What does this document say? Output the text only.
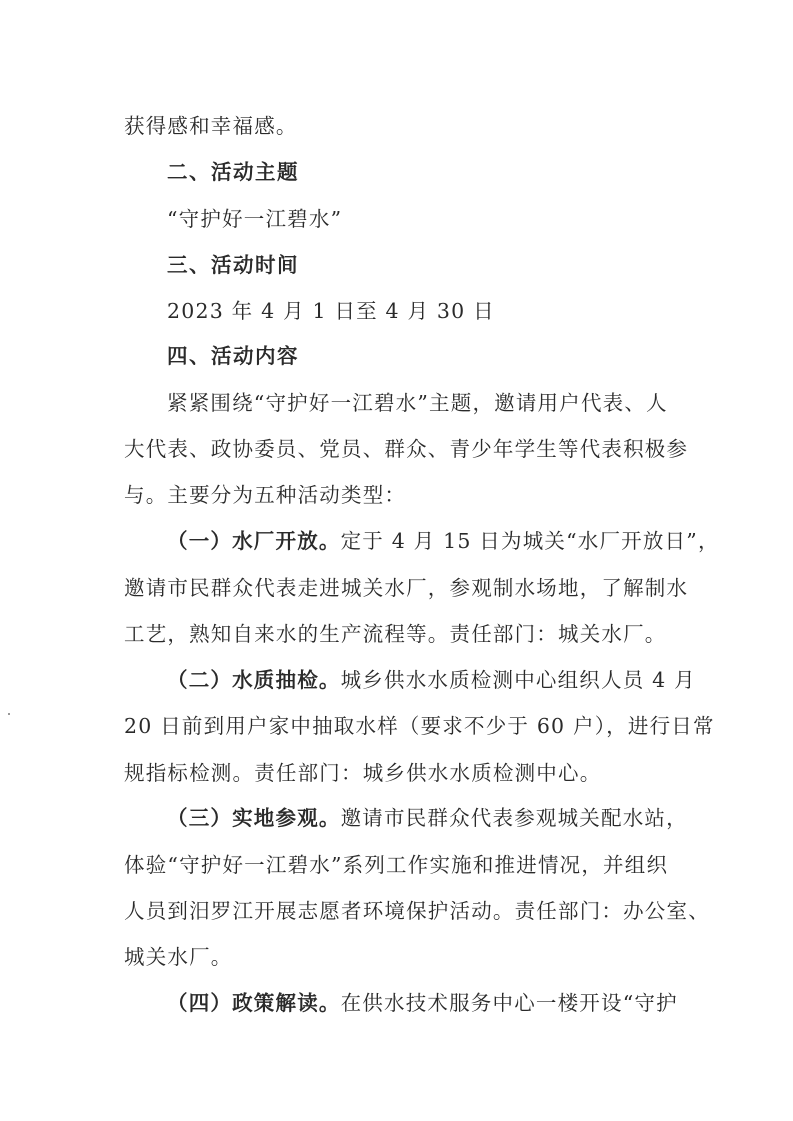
获得感和幸福感。
二、活动主题
“守护好一江碧水”
三、活动时间
2023 年 4 月 1 日至 4 月 30 日
四、活动内容
紧紧围绕“守护好一江碧水”主题，邀请用户代表、人
大代表、政协委员、党员、群众、青少年学生等代表积极参
与。主要分为五种活动类型：
（一）水厂开放。定于 4 月 15 日为城关“水厂开放日”，
邀请市民群众代表走进城关水厂，参观制水场地，了解制水
工艺，熟知自来水的生产流程等。责任部门：城关水厂。
（二）水质抽检。城乡供水水质检测中心组织人员 4 月
20 日前到用户家中抽取水样（要求不少于 60 户），进行日常
规指标检测。责任部门：城乡供水水质检测中心。
（三）实地参观。邀请市民群众代表参观城关配水站，
体验“守护好一江碧水”系列工作实施和推进情况，并组织
人员到汨罗江开展志愿者环境保护活动。责任部门：办公室、
城关水厂。
（四）政策解读。在供水技术服务中心一楼开设“守护
